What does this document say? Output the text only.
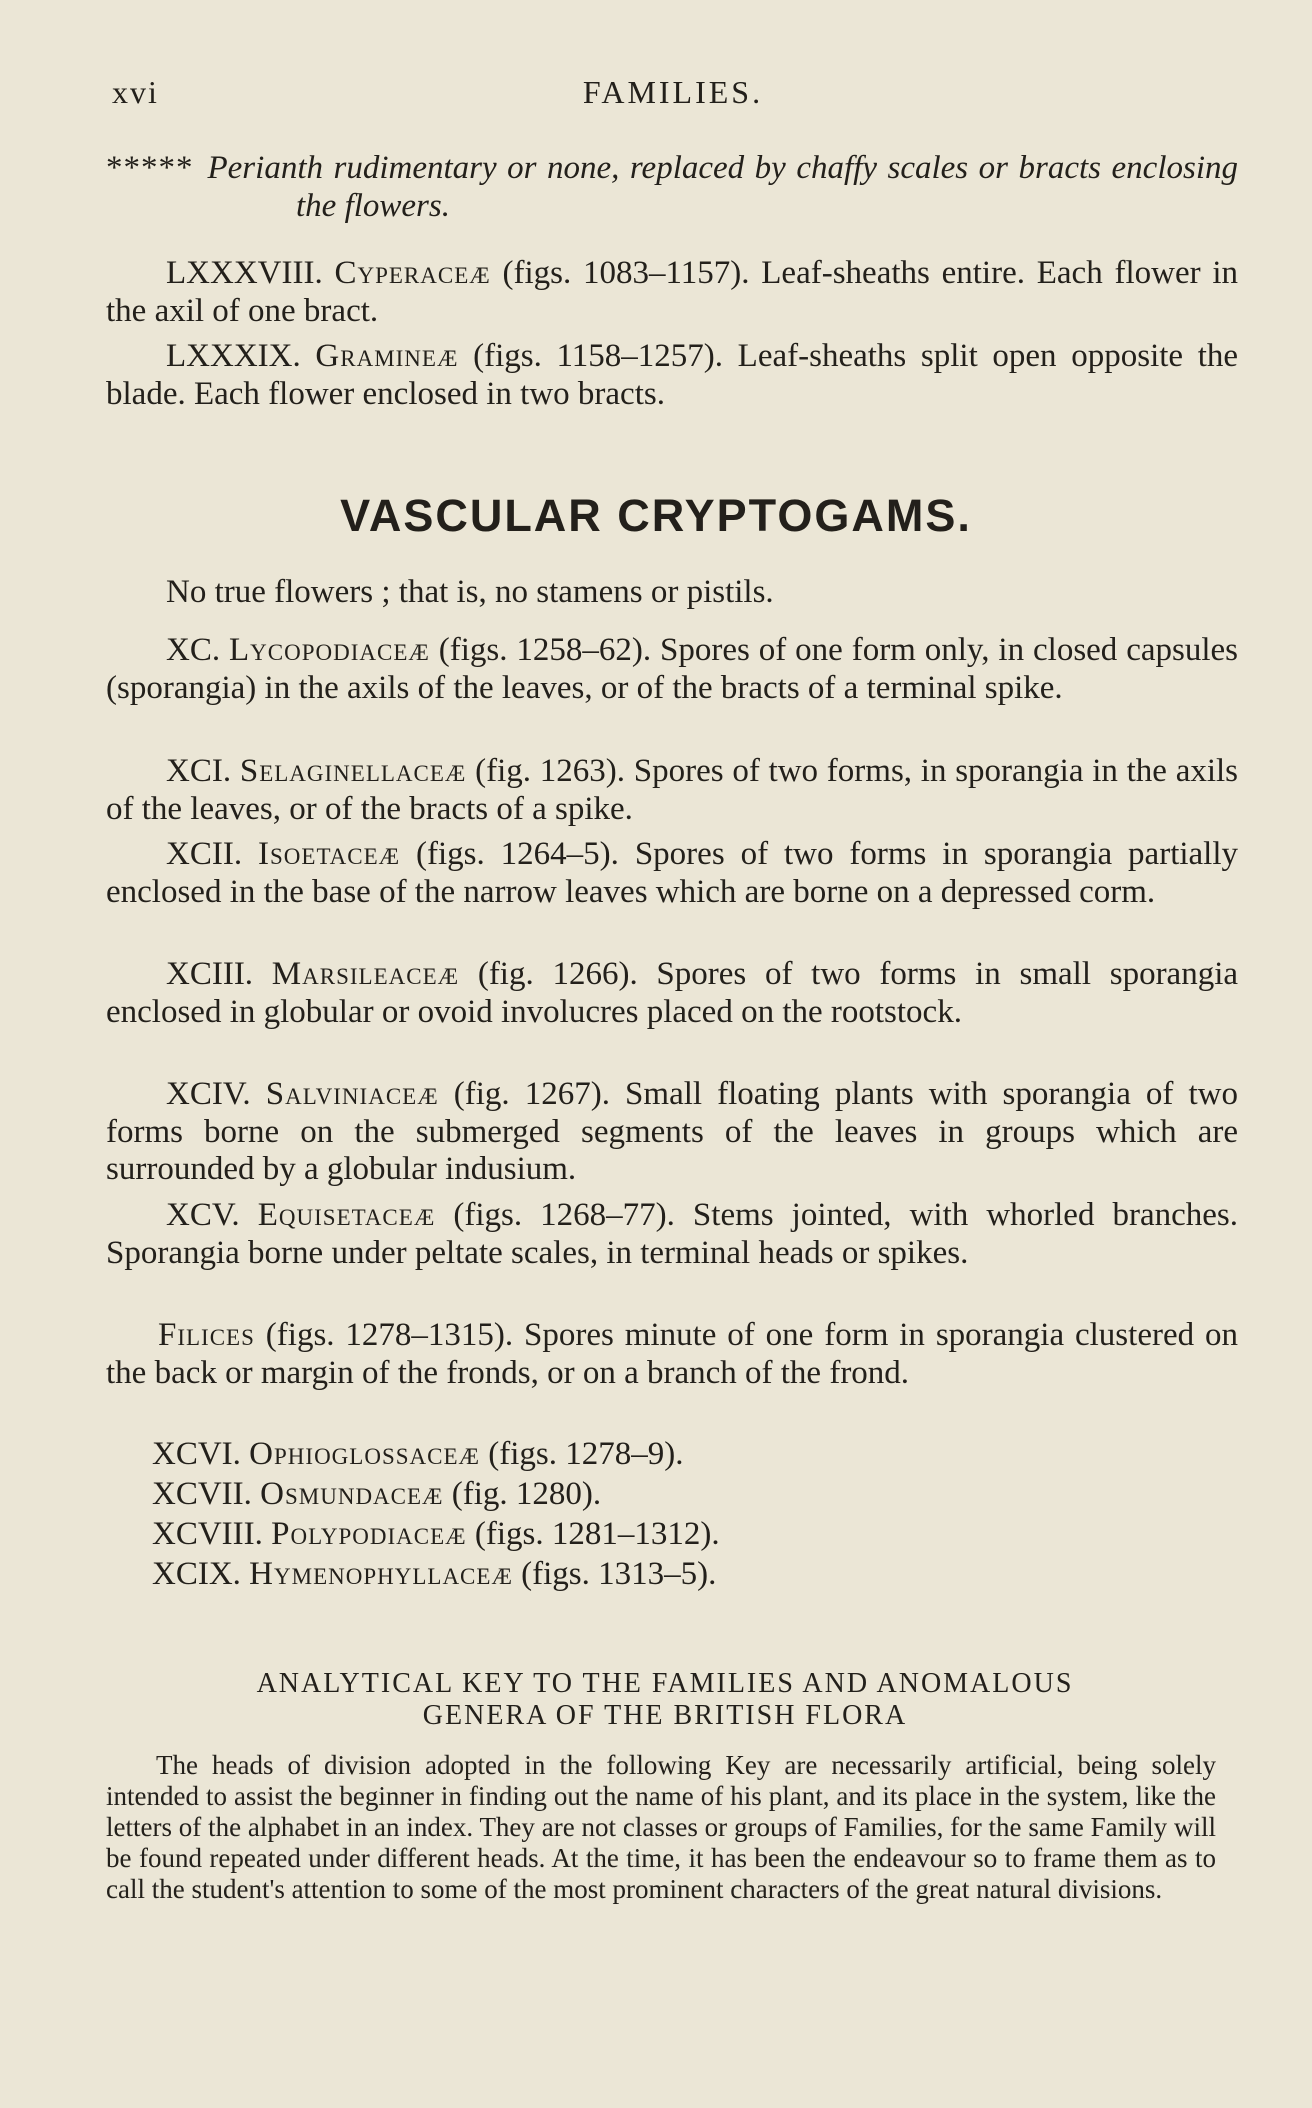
xvi	FAMILIES.
***** Perianth rudimentary or none, replaced by chaffy scales or bracts enclosing the flowers.
LXXXVIII. Cyperaceæ (figs. 1083–1157). Leaf-sheaths entire. Each flower in the axil of one bract.
LXXXIX. Gramineæ (figs. 1158–1257). Leaf-sheaths split open opposite the blade. Each flower enclosed in two bracts.
VASCULAR CRYPTOGAMS.
No true flowers ; that is, no stamens or pistils.
XC. Lycopodiaceæ (figs. 1258–62). Spores of one form only, in closed capsules (sporangia) in the axils of the leaves, or of the bracts of a terminal spike.
XCI. Selaginellaceæ (fig. 1263). Spores of two forms, in sporangia in the axils of the leaves, or of the bracts of a spike.
XCII. Isoetaceæ (figs. 1264–5). Spores of two forms in sporangia partially enclosed in the base of the narrow leaves which are borne on a depressed corm.
XCIII. Marsileaceæ (fig. 1266). Spores of two forms in small sporangia enclosed in globular or ovoid involucres placed on the rootstock.
XCIV. Salviniaceæ (fig. 1267). Small floating plants with sporangia of two forms borne on the submerged segments of the leaves in groups which are surrounded by a globular indusium.
XCV. Equisetaceæ (figs. 1268–77). Stems jointed, with whorled branches. Sporangia borne under peltate scales, in terminal heads or spikes.
Filices (figs. 1278–1315). Spores minute of one form in sporangia clustered on the back or margin of the fronds, or on a branch of the frond.
XCVI. Ophioglossaceæ (figs. 1278–9).
XCVII. Osmundaceæ (fig. 1280).
XCVIII. Polypodiaceæ (figs. 1281–1312).
XCIX. Hymenophyllaceæ (figs. 1313–5).
ANALYTICAL KEY TO THE FAMILIES AND ANOMALOUS
GENERA OF THE BRITISH FLORA
The heads of division adopted in the following Key are necessarily artificial, being solely intended to assist the beginner in finding out the name of his plant, and its place in the system, like the letters of the alphabet in an index. They are not classes or groups of Families, for the same Family will be found repeated under different heads. At the time, it has been the endeavour so to frame them as to call the student's attention to some of the most prominent characters of the great natural divisions.
